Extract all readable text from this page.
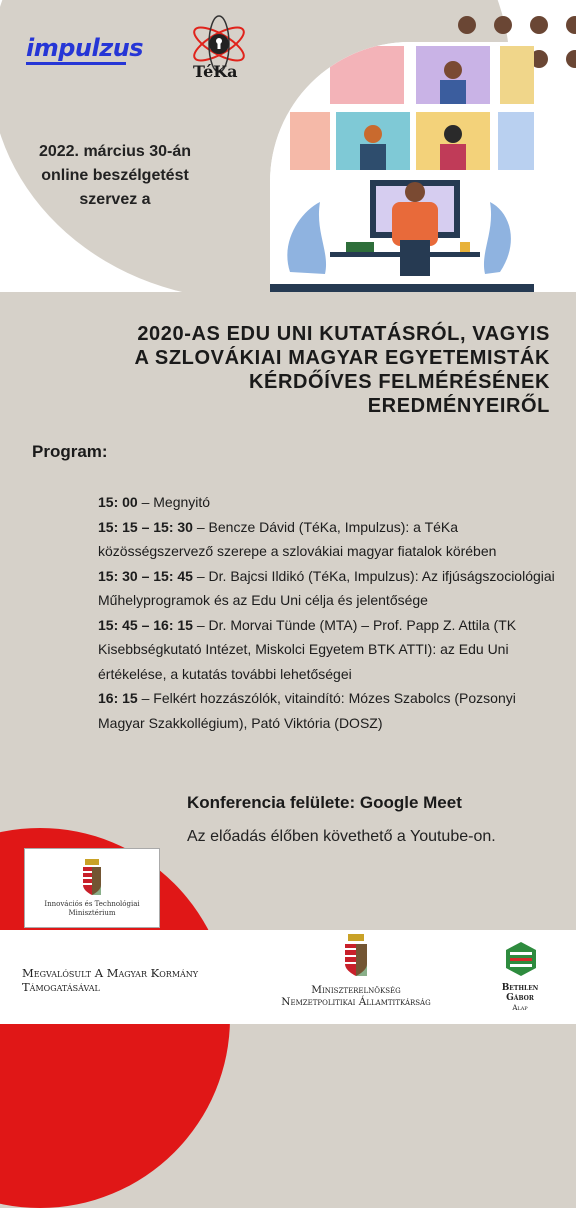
impulzus
TéKa
2022. március 30-án
online beszélgetést
szervez a
2020-AS EDU UNI KUTATÁSRÓL, VAGYIS
A SZLOVÁKIAI MAGYAR EGYETEMISTÁK
KÉRDŐÍVES FELMÉRÉSÉNEK
EREDMÉNYEIRŐL
Program:
15: 00 – Megnyitó
15: 15 – 15: 30 – Bencze Dávid (TéKa, Impulzus): a TéKa közösségszervező szerepe a szlovákiai magyar fiatalok körében
15: 30 – 15: 45 – Dr. Bajcsi Ildikó (TéKa, Impulzus): Az ifjúságszociológiai Műhelyprogramok és az Edu Uni célja és jelentősége
15: 45 – 16: 15 – Dr. Morvai Tünde (MTA) – Prof. Papp Z. Attila (TK Kisebbségkutató Intézet, Miskolci Egyetem BTK ATTI): az Edu Uni értékelése, a kutatás további lehetőségei
16: 15 – Felkért hozzászólók, vitaindító: Mózes Szabolcs (Pozsonyi Magyar Szakkollégium), Pató Viktória (DOSZ)
Konferencia felülete: Google Meet
Az előadás élőben követhető a Youtube-on.
Innovációs és Technológiai
Minisztérium
Megvalósult A Magyar Kormány
Támogatásával	Miniszterelnökség
Nemzetpolitikai Államtitkárság
Bethlen Gábor
Alap
